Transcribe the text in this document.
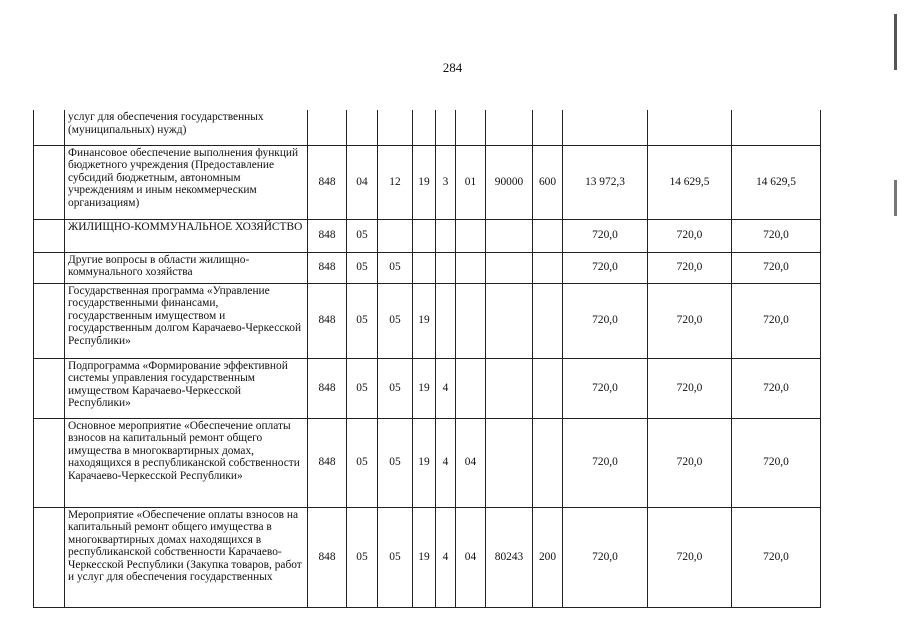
284
	услуг для обеспечения государственных (муниципальных) нужд)											
	Финансовое обеспечение выполнения функций бюджетного учреждения (Предоставление субсидий бюджетным, автономным учреждениям и иным некоммерческим организациям)	848	04	12	19	3	01	90000	600	13 972,3	14 629,5	14 629,5
	ЖИЛИЩНО-КОММУНАЛЬНОЕ ХОЗЯЙСТВО	848	05							720,0	720,0	720,0
	Другие вопросы в области жилищно-коммунального хозяйства	848	05	05						720,0	720,0	720,0
	Государственная программа «Управление государственными финансами, государственным имуществом и государственным долгом Карачаево-Черкесской Республики»	848	05	05	19					720,0	720,0	720,0
	Подпрограмма «Формирование эффективной системы управления государственным имуществом Карачаево-Черкесской Республики»	848	05	05	19	4				720,0	720,0	720,0
	Основное мероприятие «Обеспечение оплаты взносов на капитальный ремонт общего имущества в многоквартирных домах, находящихся в республиканской собственности Карачаево-Черкесской Республики»	848	05	05	19	4	04			720,0	720,0	720,0
	Мероприятие «Обеспечение оплаты взносов на капитальный ремонт общего имущества в многоквартирных домах находящихся в республиканской собственности Карачаево-Черкесской Республики (Закупка товаров, работ и услуг для обеспечения государственных	848	05	05	19	4	04	80243	200	720,0	720,0	720,0
